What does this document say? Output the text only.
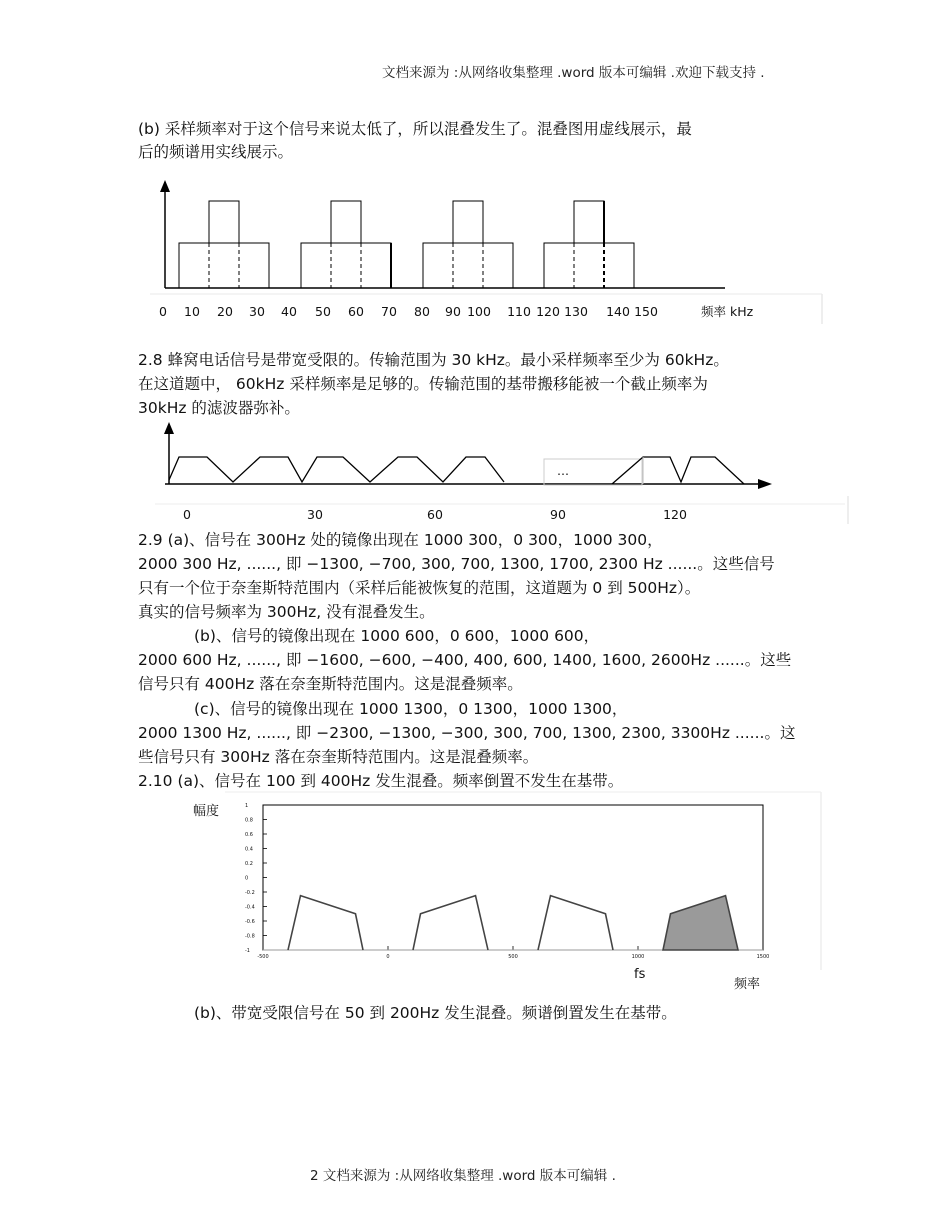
文档来源为 :从网络收集整理 .word 版本可编辑 .欢迎下载支持 .
(b) 采样频率对于这个信号来说太低了，所以混叠发生了。混叠图用虚线展示，最
后的频谱用实线展示。
0 10 20 30 40 50 60 70 80 90 100 110 120 130 140 150	频率 kHz
2.8 蜂窝电话信号是带宽受限的。传输范围为 30 kHz。最小采样频率至少为 60kHz。
在这道题中， 60kHz 采样频率是足够的。传输范围的基带搬移能被一个截止频率为
30kHz 的滤波器弥补。
…
0	30	60	90	120
2.9 (a)、信号在 300Hz 处的镜像出现在 1000 300，0 300，1000 300，
2000 300 Hz, ......, 即 −1300, −700, 300, 700, 1300, 1700, 2300 Hz ......。这些信号
只有一个位于奈奎斯特范围内（采样后能被恢复的范围，这道题为 0 到 500Hz）。
真实的信号频率为 300Hz, 没有混叠发生。
(b)、信号的镜像出现在 1000 600，0 600，1000 600，
2000 600 Hz, ......, 即 −1600, −600, −400, 400, 600, 1400, 1600, 2600Hz ......。这些
信号只有 400Hz 落在奈奎斯特范围内。这是混叠频率。
(c)、信号的镜像出现在 1000 1300，0 1300，1000 1300，
2000 1300 Hz, ......, 即 −2300, −1300, −300, 300, 700, 1300, 2300, 3300Hz ......。这
些信号只有 300Hz 落在奈奎斯特范围内。这是混叠频率。
2.10 (a)、信号在 100 到 400Hz 发生混叠。频率倒置不发生在基带。
幅度
频率
fs
1
0.8
0.6
0.4
0.2
0
-0.2
-0.4
-0.6
-0.8
-1
-500	0	500	1000	1500
(b)、带宽受限信号在 50 到 200Hz 发生混叠。频谱倒置发生在基带。
2 文档来源为 :从网络收集整理 .word 版本可编辑 .
